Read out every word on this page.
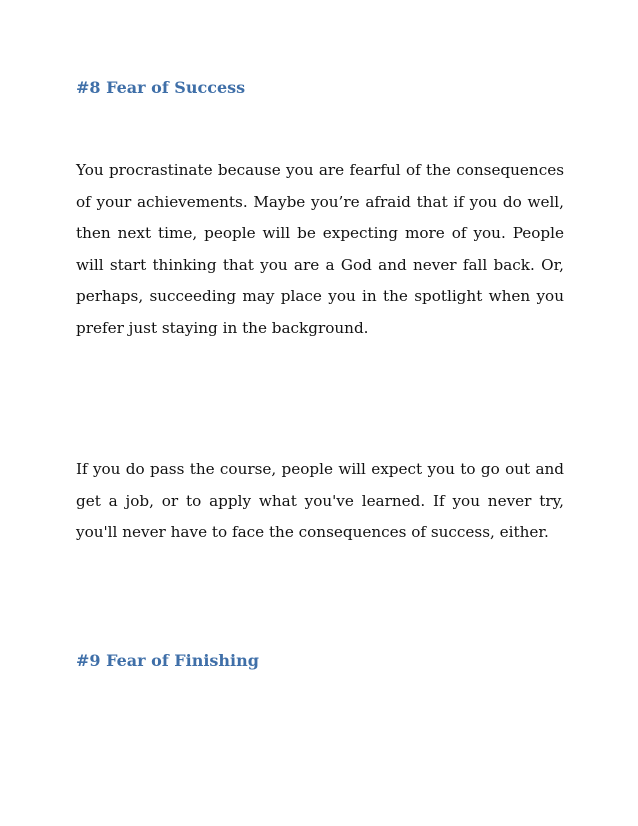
#8 Fear of Success

You procrastinate because you are fearful of the consequences of your achievements. Maybe you’re afraid that if you do well, then next time, people will be expecting more of you. People will start thinking that you are a God and never fall back. Or, perhaps, succeeding may place you in the spotlight when you prefer just staying in the background.

If you do pass the course, people will expect you to go out and get a job, or to apply what you've learned. If you never try, you'll never have to face the consequences of success, either.

#9 Fear of Finishing
